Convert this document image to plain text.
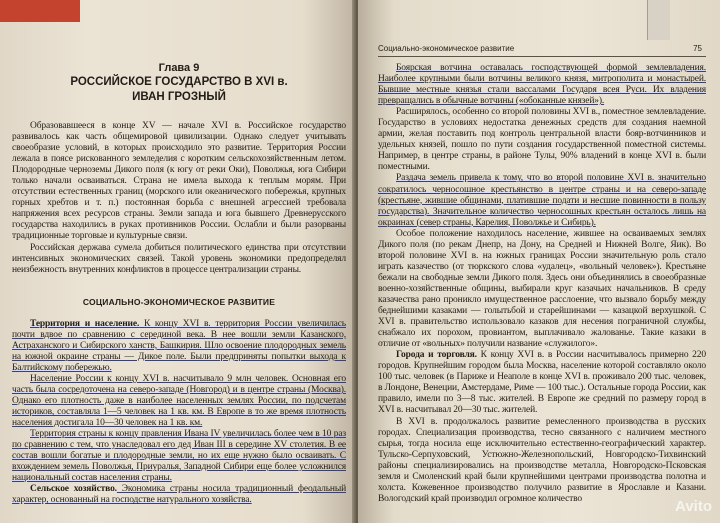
Глава 9
РОССИЙСКОЕ ГОСУДАРСТВО В XVI в.
ИВАН ГРОЗНЫЙ

Образовавшееся в конце XV — начале XVI в. Российское государство развивалось как часть общемировой цивилизации. Однако следует учитывать своеобразие условий, в которых происходило это развитие. Территория России лежала в поясе рискованного земледелия с коротким сельскохозяйственным летом. Плодородные черноземы Дикого поля (к югу от реки Оки), Поволжья, юга Сибири только начали осваиваться. Страна не имела выхода к теплым морям. При отсутствии естественных границ (морского или океанического побережья, крупных горных хребтов и т. п.) постоянная борьба с внешней агрессией требовала напряжения всех ресурсов страны. Земли запада и юга бывшего Древнерусского государства находились в руках противников России. Ослабли и были разорваны традиционные торговые и культурные связи.

Российская держава сумела добиться политического единства при отсутствии интенсивных экономических связей. Такой уровень экономики предопределял неизбежность внутренних конфликтов в процессе централизации страны.

СОЦИАЛЬНО-ЭКОНОМИЧЕСКОЕ РАЗВИТИЕ

Территория и население. К концу XVI в. территория России увеличилась почти вдвое по сравнению с серединой века. В нее вошли земли Казанского, Астраханского и Сибирского ханств, Башкирия. Шло освоение плодородных земель на южной окраине страны — Дикое поле. Были предприняты попытки выхода к Балтийскому побережью.

Население России к концу XVI в. насчитывало 9 млн человек. Основная его часть была сосредоточена на северо-западе (Новгород) и в центре страны (Москва). Однако его плотность даже в наиболее населенных землях России, по подсчетам историков, составляла 1—5 человек на 1 кв. км. В Европе в то же время плотность населения достигала 10—30 человек на 1 кв. км.

Территория страны к концу правления Ивана IV увеличилась более чем в 10 раз по сравнению с тем, что унаследовал его дед Иван III в середине XV столетия. В ее состав вошли богатые и плодородные земли, но их еще нужно было осваивать. С вхождением земель Поволжья, Приуралья, Западной Сибири еще более усложнился национальный состав населения страны.

Сельское хозяйство. Экономика страны носила традиционный феодальный характер, основанный на господстве натурального хозяйства.

Социально-экономическое развитие	75

Боярская вотчина оставалась господствующей формой землевладения. Наиболее крупными были вотчины великого князя, митрополита и монастырей. Бывшие местные князья стали вассалами Государя всея Руси. Их владения превращались в обычные вотчины («обоканные князей»).

Расширялось, особенно со второй половины XVI в., поместное землевладение. Государство в условиях недостатка денежных средств для создания наемной армии, желая поставить под контроль центральной власти бояр-вотчинников и удельных князей, пошло по пути создания государственной поместной системы. Например, в центре страны, в районе Тулы, 90% владений в конце XVI в. были поместными.

Раздача земель привела к тому, что во второй половине XVI в. значительно сократилось черносошное крестьянство в центре страны и на северо-западе (крестьяне, жившие общинами, платившие подати и несшие повинности в пользу государства). Значительное количество черносошных крестьян осталось лишь на окраинах (север страны, Карелия, Поволжье и Сибирь).

Особое положение находилось население, жившее на осваиваемых землях Дикого поля (по рекам Днепр, на Дону, на Средней и Нижней Волге, Яик). Во второй половине XVI в. на южных границах России значительную роль стало играть казачество (от тюркского слова «удалец», «вольный человек»). Крестьяне бежали на свободные земли Дикого поля. Здесь они объединялись в своеобразные военно-хозяйственные общины, выбирали круг казачьих начальников. В среду казачества рано проникло имущественное расслоение, что вызвало борьбу между беднейшими казаками — голытьбой и старейшинами — казацкой верхушкой. С XVI в. правительство использовало казаков для несения пограничной службы, снабжало их порохом, провиантом, выплачивало жалованье. Такие казаки в отличие от «вольных» получили название «служилого».

Города и торговля. К концу XVI в. в России насчитывалось примерно 220 городов. Крупнейшим городом была Москва, население которой составляло около 100 тыс. человек (в Париже и Неаполе в конце XVI в. проживало 200 тыс. человек, в Лондоне, Венеции, Амстердаме, Риме — 100 тыс.). Остальные города России, как правило, имели по 3—8 тыс. жителей. В Европе же средний по размеру город в XVI в. насчитывал 20—30 тыс. жителей.

В XVI в. продолжалось развитие ремесленного производства в русских городах. Специализация производства, тесно связанного с наличием местного сырья, тогда носила еще исключительно естественно-географический характер. Тульско-Серпуховский, Устюжно-Железнопольский, Новгородско-Тихвинский районы специализировались на производстве металла, Новгородско-Псковская земля и Смоленский край были крупнейшими центрами производства полотна и холста. Кожевенное производство получило развитие в Ярославле и Казани. Вологодский край производил огромное количество	Avito
